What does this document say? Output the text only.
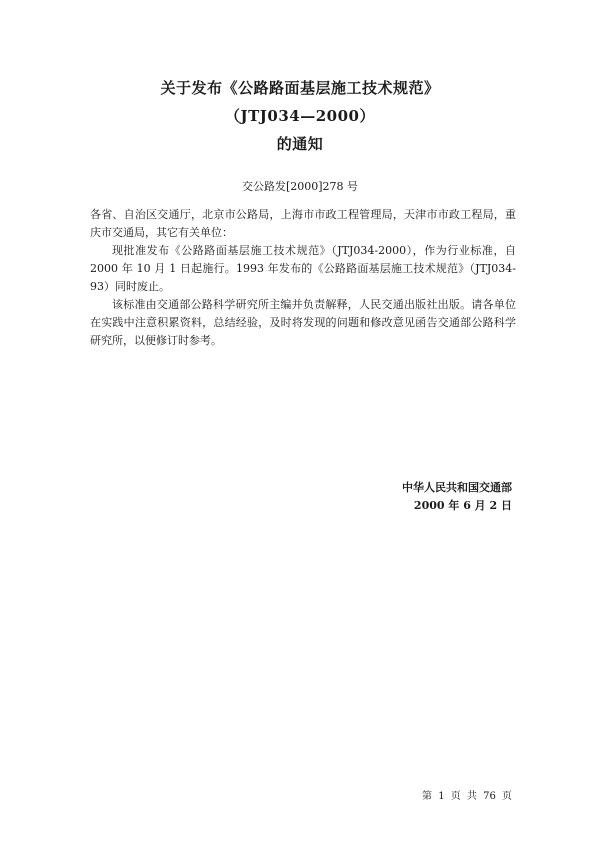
关于发布《公路路面基层施工技术规范》
（JTJ034—2000）
的通知
交公路发[2000]278 号

各省、自治区交通厅，北京市公路局，上海市市政工程管理局，天津市市政工程局，重庆市交通局，其它有关单位：

现批准发布《公路路面基层施工技术规范》（JTJ034-2000），作为行业标准，自 2000 年 10 月 1 日起施行。1993 年发布的《公路路面基层施工技术规范》（JTJ034-93）同时废止。

该标准由交通部公路科学研究所主编并负责解释，人民交通出版社出版。请各单位在实践中注意积累资料，总结经验，及时将发现的问题和修改意见函告交通部公路科学研究所，以便修订时参考。

中华人民共和国交通部
2000 年 6 月 2 日
第 1 页 共 76 页
